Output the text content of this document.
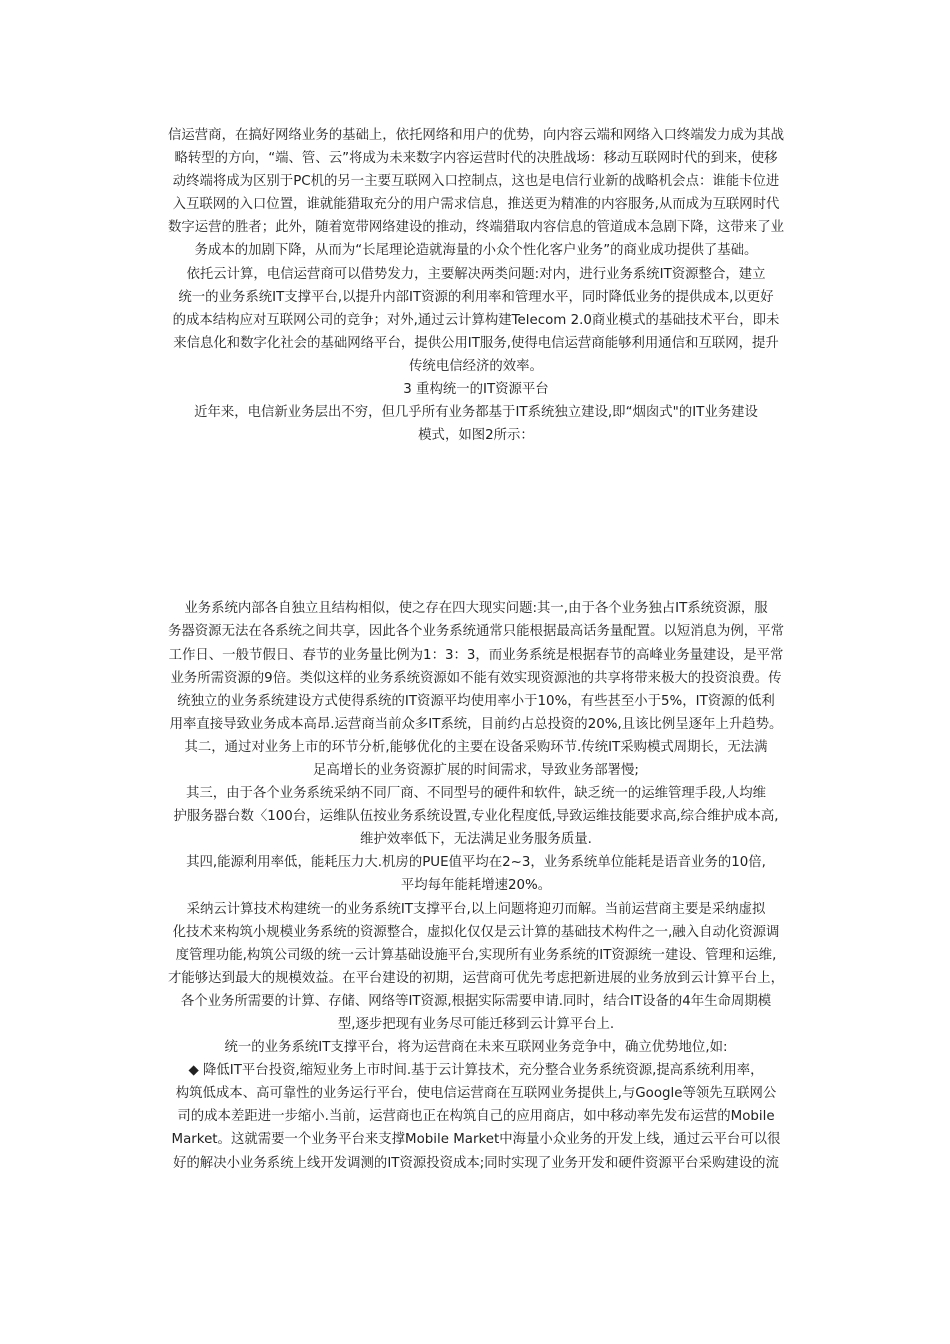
信运营商，在搞好网络业务的基础上，依托网络和用户的优势，向内容云端和网络入口终端发力成为其战
略转型的方向，“端、管、云”将成为未来数字内容运营时代的决胜战场：移动互联网时代的到来，使移
动终端将成为区别于PC机的另一主要互联网入口控制点，这也是电信行业新的战略机会点：谁能卡位进
入互联网的入口位置，谁就能猎取充分的用户需求信息，推送更为精准的内容服务,从而成为互联网时代
数字运营的胜者；此外，随着宽带网络建设的推动，终端猎取内容信息的管道成本急剧下降，这带来了业
务成本的加剧下降，从而为“长尾理论造就海量的小众个性化客户业务”的商业成功提供了基础。
依托云计算，电信运营商可以借势发力，主要解决两类问题:对内，进行业务系统IT资源整合，建立
统一的业务系统IT支撑平台,以提升内部IT资源的利用率和管理水平，同时降低业务的提供成本,以更好
的成本结构应对互联网公司的竞争；对外,通过云计算构建Telecom 2.0商业模式的基础技术平台，即未
来信息化和数字化社会的基础网络平台，提供公用IT服务,使得电信运营商能够利用通信和互联网，提升
传统电信经济的效率。
3 重构统一的IT资源平台
近年来，电信新业务层出不穷，但几乎所有业务都基于IT系统独立建设,即“烟囱式"的IT业务建设
模式，如图2所示：
业务系统内部各自独立且结构相似，使之存在四大现实问题:其一,由于各个业务独占IT系统资源，服
务器资源无法在各系统之间共享，因此各个业务系统通常只能根据最高话务量配置。以短消息为例，平常
工作日、一般节假日、春节的业务量比例为1：3：3，而业务系统是根据春节的高峰业务量建设，是平常
业务所需资源的9倍。类似这样的业务系统资源如不能有效实现资源池的共享将带来极大的投资浪费。传
统独立的业务系统建设方式使得系统的IT资源平均使用率小于10%，有些甚至小于5%，IT资源的低利
用率直接导致业务成本高昂.运营商当前众多IT系统，目前约占总投资的20%,且该比例呈逐年上升趋势。
其二，通过对业务上市的环节分析,能够优化的主要在设备采购环节.传统IT采购模式周期长，无法满
足高增长的业务资源扩展的时间需求，导致业务部署慢;
其三，由于各个业务系统采纳不同厂商、不同型号的硬件和软件，缺乏统一的运维管理手段,人均维
护服务器台数〈100台，运维队伍按业务系统设置,专业化程度低,导致运维技能要求高,综合维护成本高,
维护效率低下，无法满足业务服务质量.
其四,能源利用率低，能耗压力大.机房的PUE值平均在2~3，业务系统单位能耗是语音业务的10倍,
平均每年能耗增速20%。
采纳云计算技术构建统一的业务系统IT支撑平台,以上问题将迎刃而解。当前运营商主要是采纳虚拟
化技术来构筑小规模业务系统的资源整合，虚拟化仅仅是云计算的基础技术构件之一,融入自动化资源调
度管理功能,构筑公司级的统一云计算基础设施平台,实现所有业务系统的IT资源统一建设、管理和运维,
才能够达到最大的规模效益。在平台建设的初期，运营商可优先考虑把新进展的业务放到云计算平台上，
各个业务所需要的计算、存储、网络等IT资源,根据实际需要申请.同时，结合IT设备的4年生命周期模
型,逐步把现有业务尽可能迁移到云计算平台上.
统一的业务系统IT支撑平台，将为运营商在未来互联网业务竞争中，确立优势地位,如:
◆ 降低IT平台投资,缩短业务上市时间.基于云计算技术，充分整合业务系统资源,提高系统利用率，
构筑低成本、高可靠性的业务运行平台，使电信运营商在互联网业务提供上,与Google等领先互联网公
司的成本差距进一步缩小.当前，运营商也正在构筑自己的应用商店，如中移动率先发布运营的Mobile
Market。这就需要一个业务平台来支撑Mobile Market中海量小众业务的开发上线，通过云平台可以很
好的解决小业务系统上线开发调测的IT资源投资成本;同时实现了业务开发和硬件资源平台采购建设的流
